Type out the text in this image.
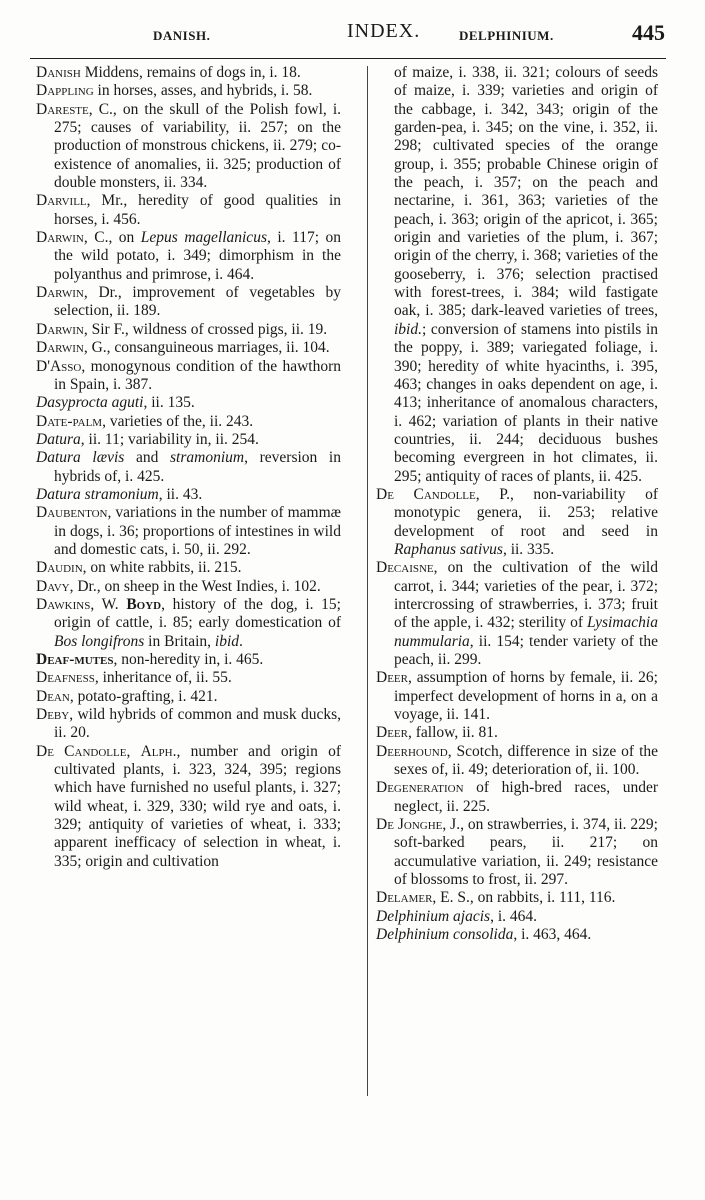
DANISH.	INDEX.	DELPHINIUM.	445

Danish Middens, remains of dogs in, i. 18.

Dappling in horses, asses, and hybrids, i. 58.

Dareste, C., on the skull of the Polish fowl, i. 275; causes of variability, ii. 257; on the production of monstrous chickens, ii. 279; co-existence of anomalies, ii. 325; production of double monsters, ii. 334.

Darvill, Mr., heredity of good qualities in horses, i. 456.

Darwin, C., on Lepus magellanicus, i. 117; on the wild potato, i. 349; dimorphism in the polyanthus and primrose, i. 464.

Darwin, Dr., improvement of vegetables by selection, ii. 189.

Darwin, Sir F., wildness of crossed pigs, ii. 19.

Darwin, G., consanguineous marriages, ii. 104.

D'Asso, monogynous condition of the hawthorn in Spain, i. 387.

Dasyprocta aguti, ii. 135.

Date-palm, varieties of the, ii. 243.

Datura, ii. 11; variability in, ii. 254.

Datura lævis and stramonium, reversion in hybrids of, i. 425.

Datura stramonium, ii. 43.

Daubenton, variations in the number of mammæ in dogs, i. 36; proportions of intestines in wild and domestic cats, i. 50, ii. 292.

Daudin, on white rabbits, ii. 215.

Davy, Dr., on sheep in the West Indies, i. 102.

Dawkins, W. Boyd, history of the dog, i. 15; origin of cattle, i. 85; early domestication of Bos longifrons in Britain, ibid.

Deaf-mutes, non-heredity in, i. 465.

Deafness, inheritance of, ii. 55.

Dean, potato-grafting, i. 421.

Deby, wild hybrids of common and musk ducks, ii. 20.

De Candolle, Alph., number and origin of cultivated plants, i. 323, 324, 395; regions which have furnished no useful plants, i. 327; wild wheat, i. 329, 330; wild rye and oats, i. 329; antiquity of varieties of wheat, i. 333; apparent inefficacy of selection in wheat, i. 335; origin and cultivation

of maize, i. 338, ii. 321; colours of seeds of maize, i. 339; varieties and origin of the cabbage, i. 342, 343; origin of the garden-pea, i. 345; on the vine, i. 352, ii. 298; cultivated species of the orange group, i. 355; probable Chinese origin of the peach, i. 357; on the peach and nectarine, i. 361, 363; varieties of the peach, i. 363; origin of the apricot, i. 365; origin and varieties of the plum, i. 367; origin of the cherry, i. 368; varieties of the gooseberry, i. 376; selection practised with forest-trees, i. 384; wild fastigate oak, i. 385; dark-leaved varieties of trees, ibid.; conversion of stamens into pistils in the poppy, i. 389; variegated foliage, i. 390; heredity of white hyacinths, i. 395, 463; changes in oaks dependent on age, i. 413; inheritance of anomalous characters, i. 462; variation of plants in their native countries, ii. 244; deciduous bushes becoming evergreen in hot climates, ii. 295; antiquity of races of plants, ii. 425.

De Candolle, P., non-variability of monotypic genera, ii. 253; relative development of root and seed in Raphanus sativus, ii. 335.

Decaisne, on the cultivation of the wild carrot, i. 344; varieties of the pear, i. 372; intercrossing of strawberries, i. 373; fruit of the apple, i. 432; sterility of Lysimachia nummularia, ii. 154; tender variety of the peach, ii. 299.

Deer, assumption of horns by female, ii. 26; imperfect development of horns in a, on a voyage, ii. 141.

Deer, fallow, ii. 81.

Deerhound, Scotch, difference in size of the sexes of, ii. 49; deterioration of, ii. 100.

Degeneration of high-bred races, under neglect, ii. 225.

De Jonghe, J., on strawberries, i. 374, ii. 229; soft-barked pears, ii. 217; on accumulative variation, ii. 249; resistance of blossoms to frost, ii. 297.

Delamer, E. S., on rabbits, i. 111, 116.

Delphinium ajacis, i. 464.

Delphinium consolida, i. 463, 464.
